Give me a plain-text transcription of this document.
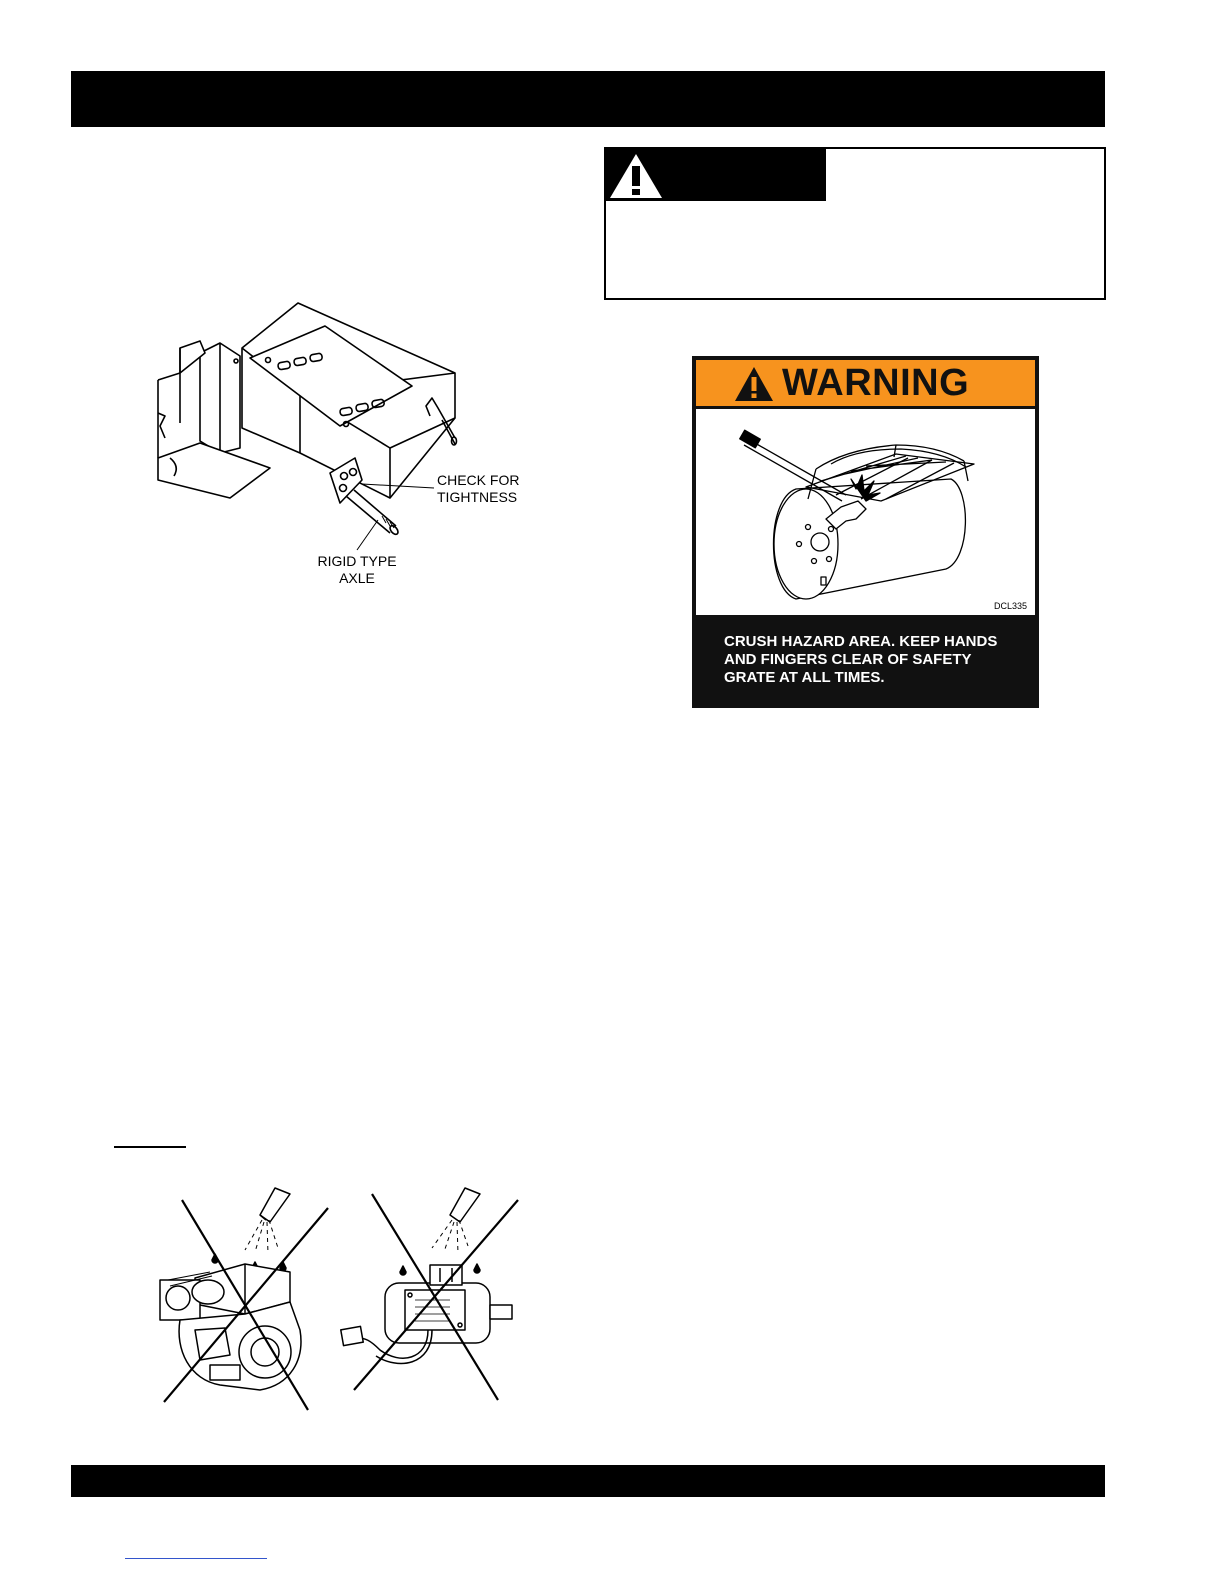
CHECK FOR
TIGHTNESS
RIGID TYPE
AXLE
WARNING
DCL335
CRUSH HAZARD AREA. KEEP HANDS
AND FINGERS CLEAR OF SAFETY
GRATE AT ALL TIMES.
